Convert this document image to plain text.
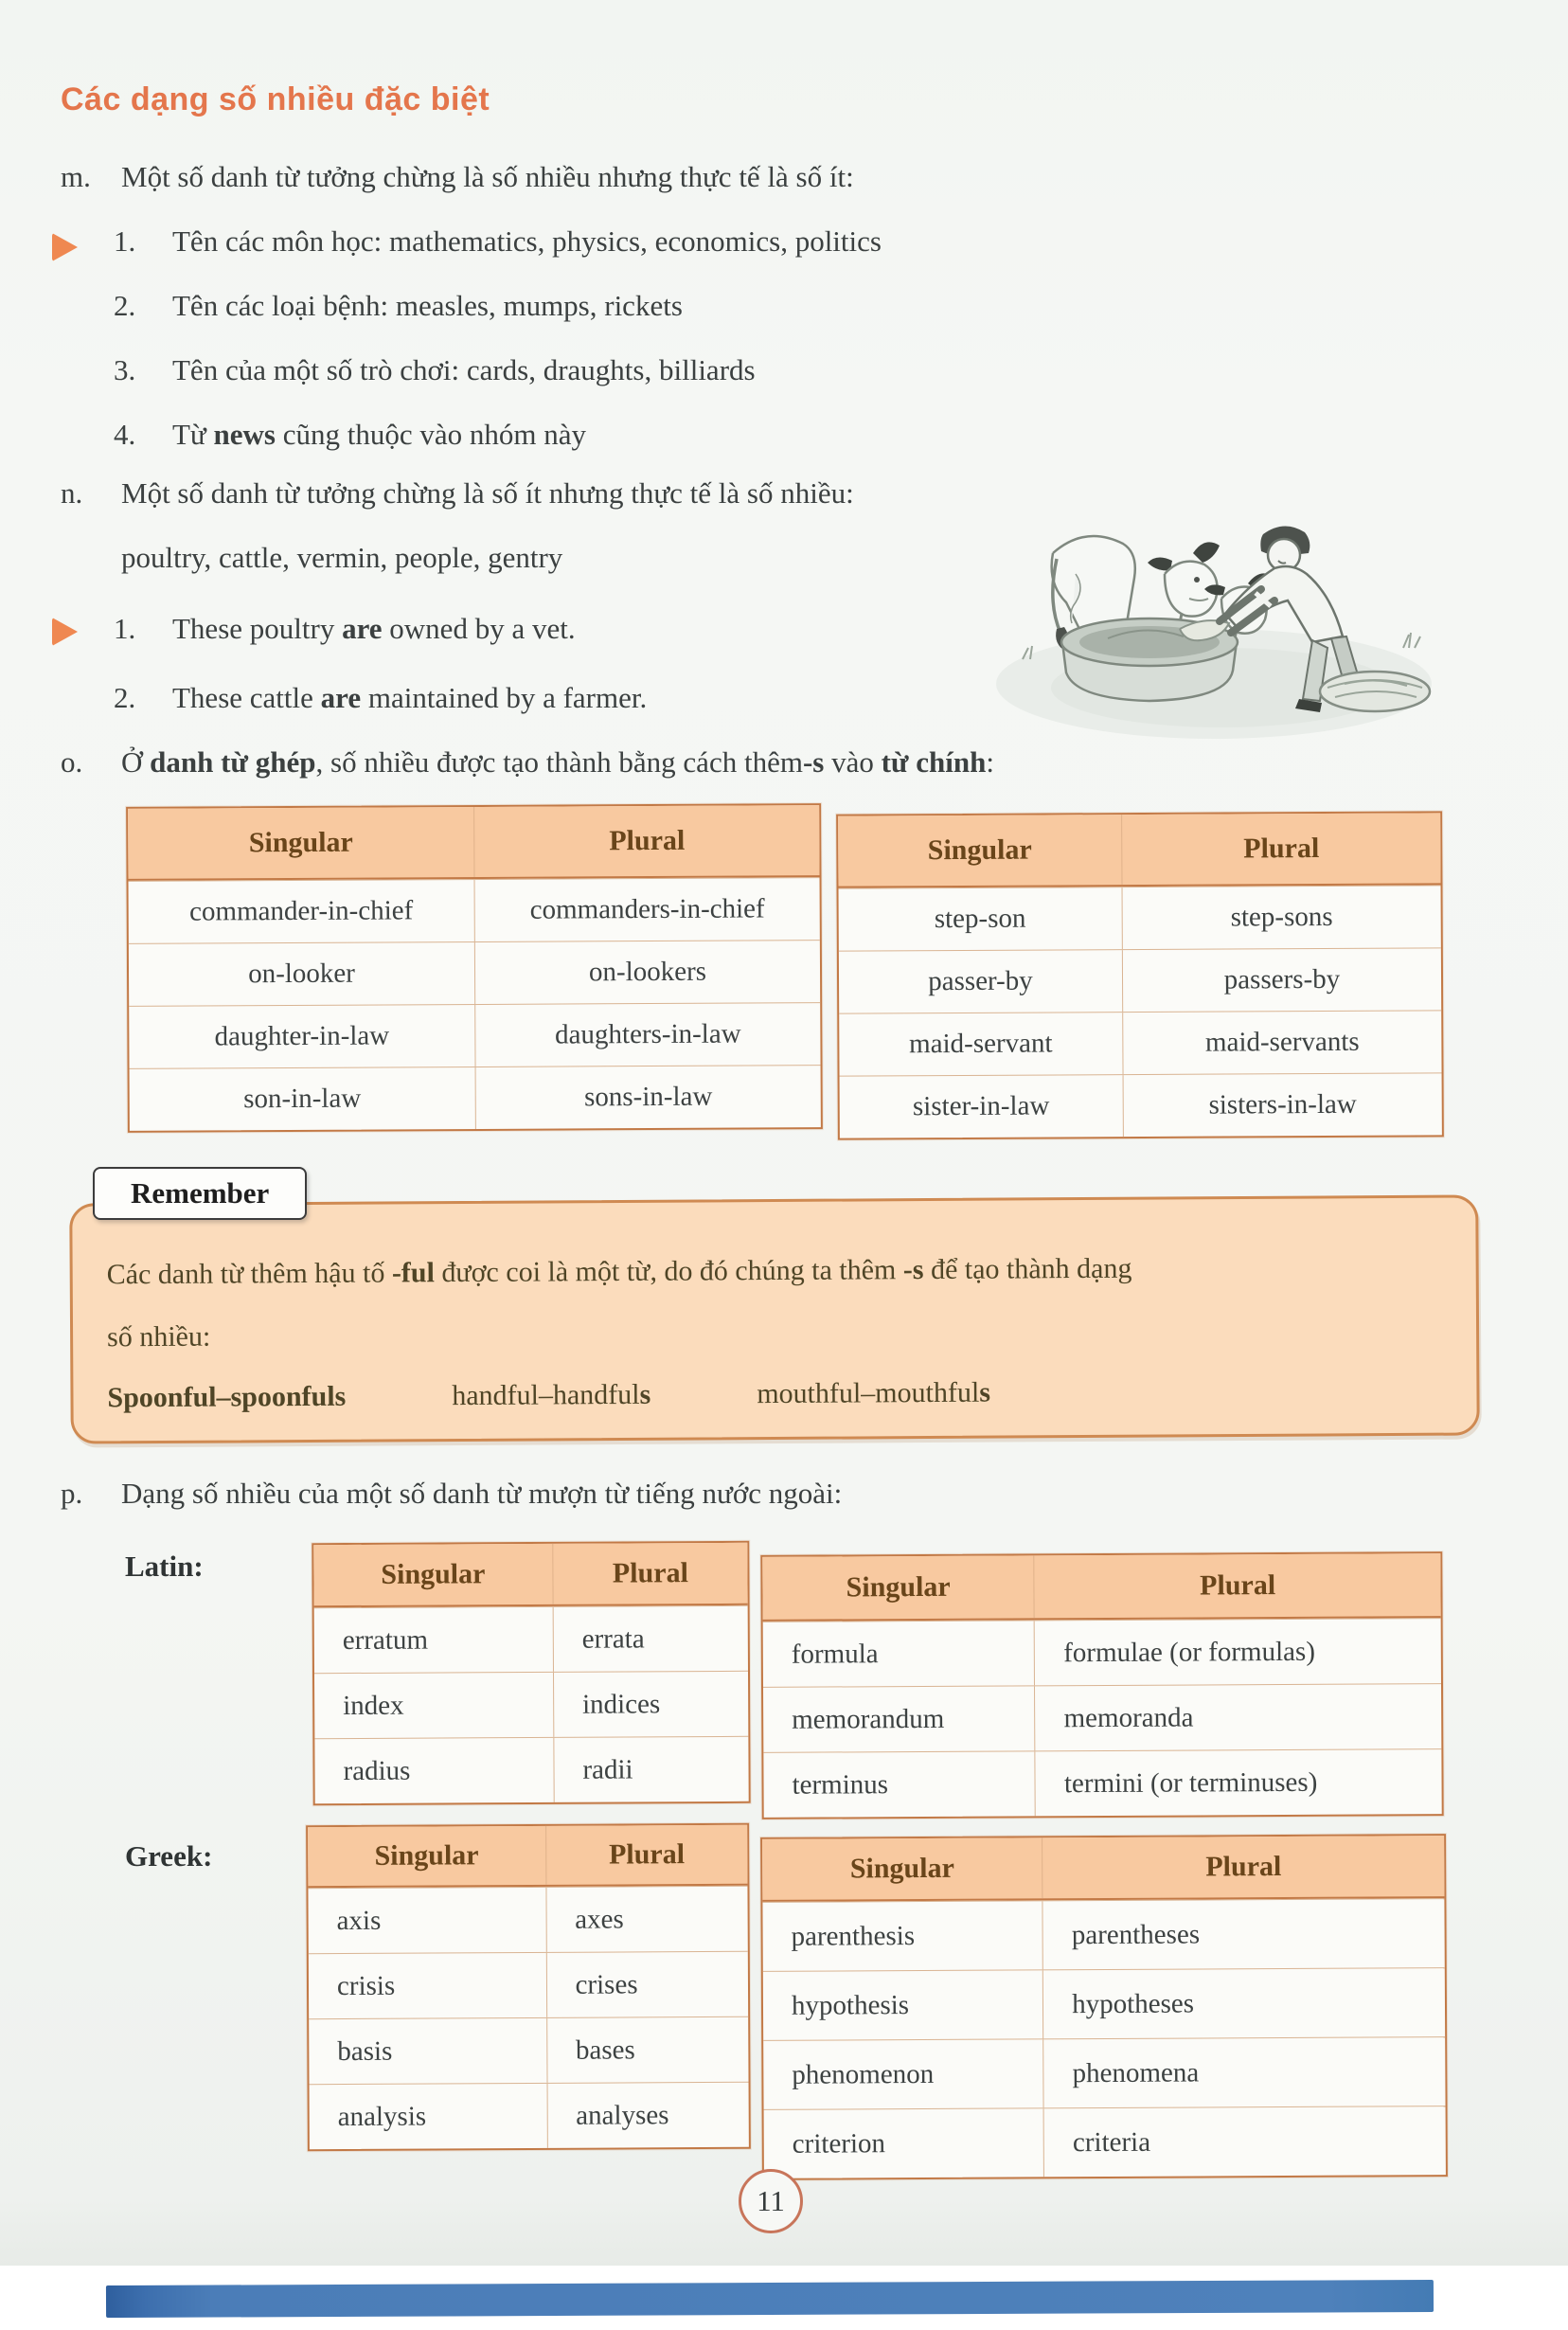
Các dạng số nhiều đặc biệt
m. Một số danh từ tưởng chừng là số nhiều nhưng thực tế là số ít:
1. Tên các môn học: mathematics, physics, economics, politics
2. Tên các loại bệnh: measles, mumps, rickets
3. Tên của một số trò chơi: cards, draughts, billiards
4. Từ news cũng thuộc vào nhóm này
n. Một số danh từ tưởng chừng là số ít nhưng thực tế là số nhiều:
poultry, cattle, vermin, people, gentry
1. These poultry are owned by a vet.
2. These cattle are maintained by a farmer.
o. Ở danh từ ghép, số nhiều được tạo thành bằng cách thêm-s vào từ chính:
Singular	Plural
commander-in-chief	commanders-in-chief
on-looker	on-lookers
daughter-in-law	daughters-in-law
son-in-law	sons-in-law
Singular	Plural
step-son	step-sons
passer-by	passers-by
maid-servant	maid-servants
sister-in-law	sisters-in-law
Các danh từ thêm hậu tố -ful được coi là một từ, do đó chúng ta thêm -s để tạo thành dạng
số nhiều:
Spoonful–spoonfuls	handful–handfuls	mouthful–mouthfuls
Remember
p. Dạng số nhiều của một số danh từ mượn từ tiếng nước ngoài:
Latin:	Singular	Plural
erratum	errata
index	indices
radius	radii
Singular	Plural
formula	formulae (or formulas)
memorandum	memoranda
terminus	termini (or terminuses)
Greek:	Singular	Plural
axis	axes
crisis	crises
basis	bases
analysis	analyses
Singular	Plural
parenthesis	parentheses
hypothesis	hypotheses
phenomenon	phenomena
criterion	criteria
11
